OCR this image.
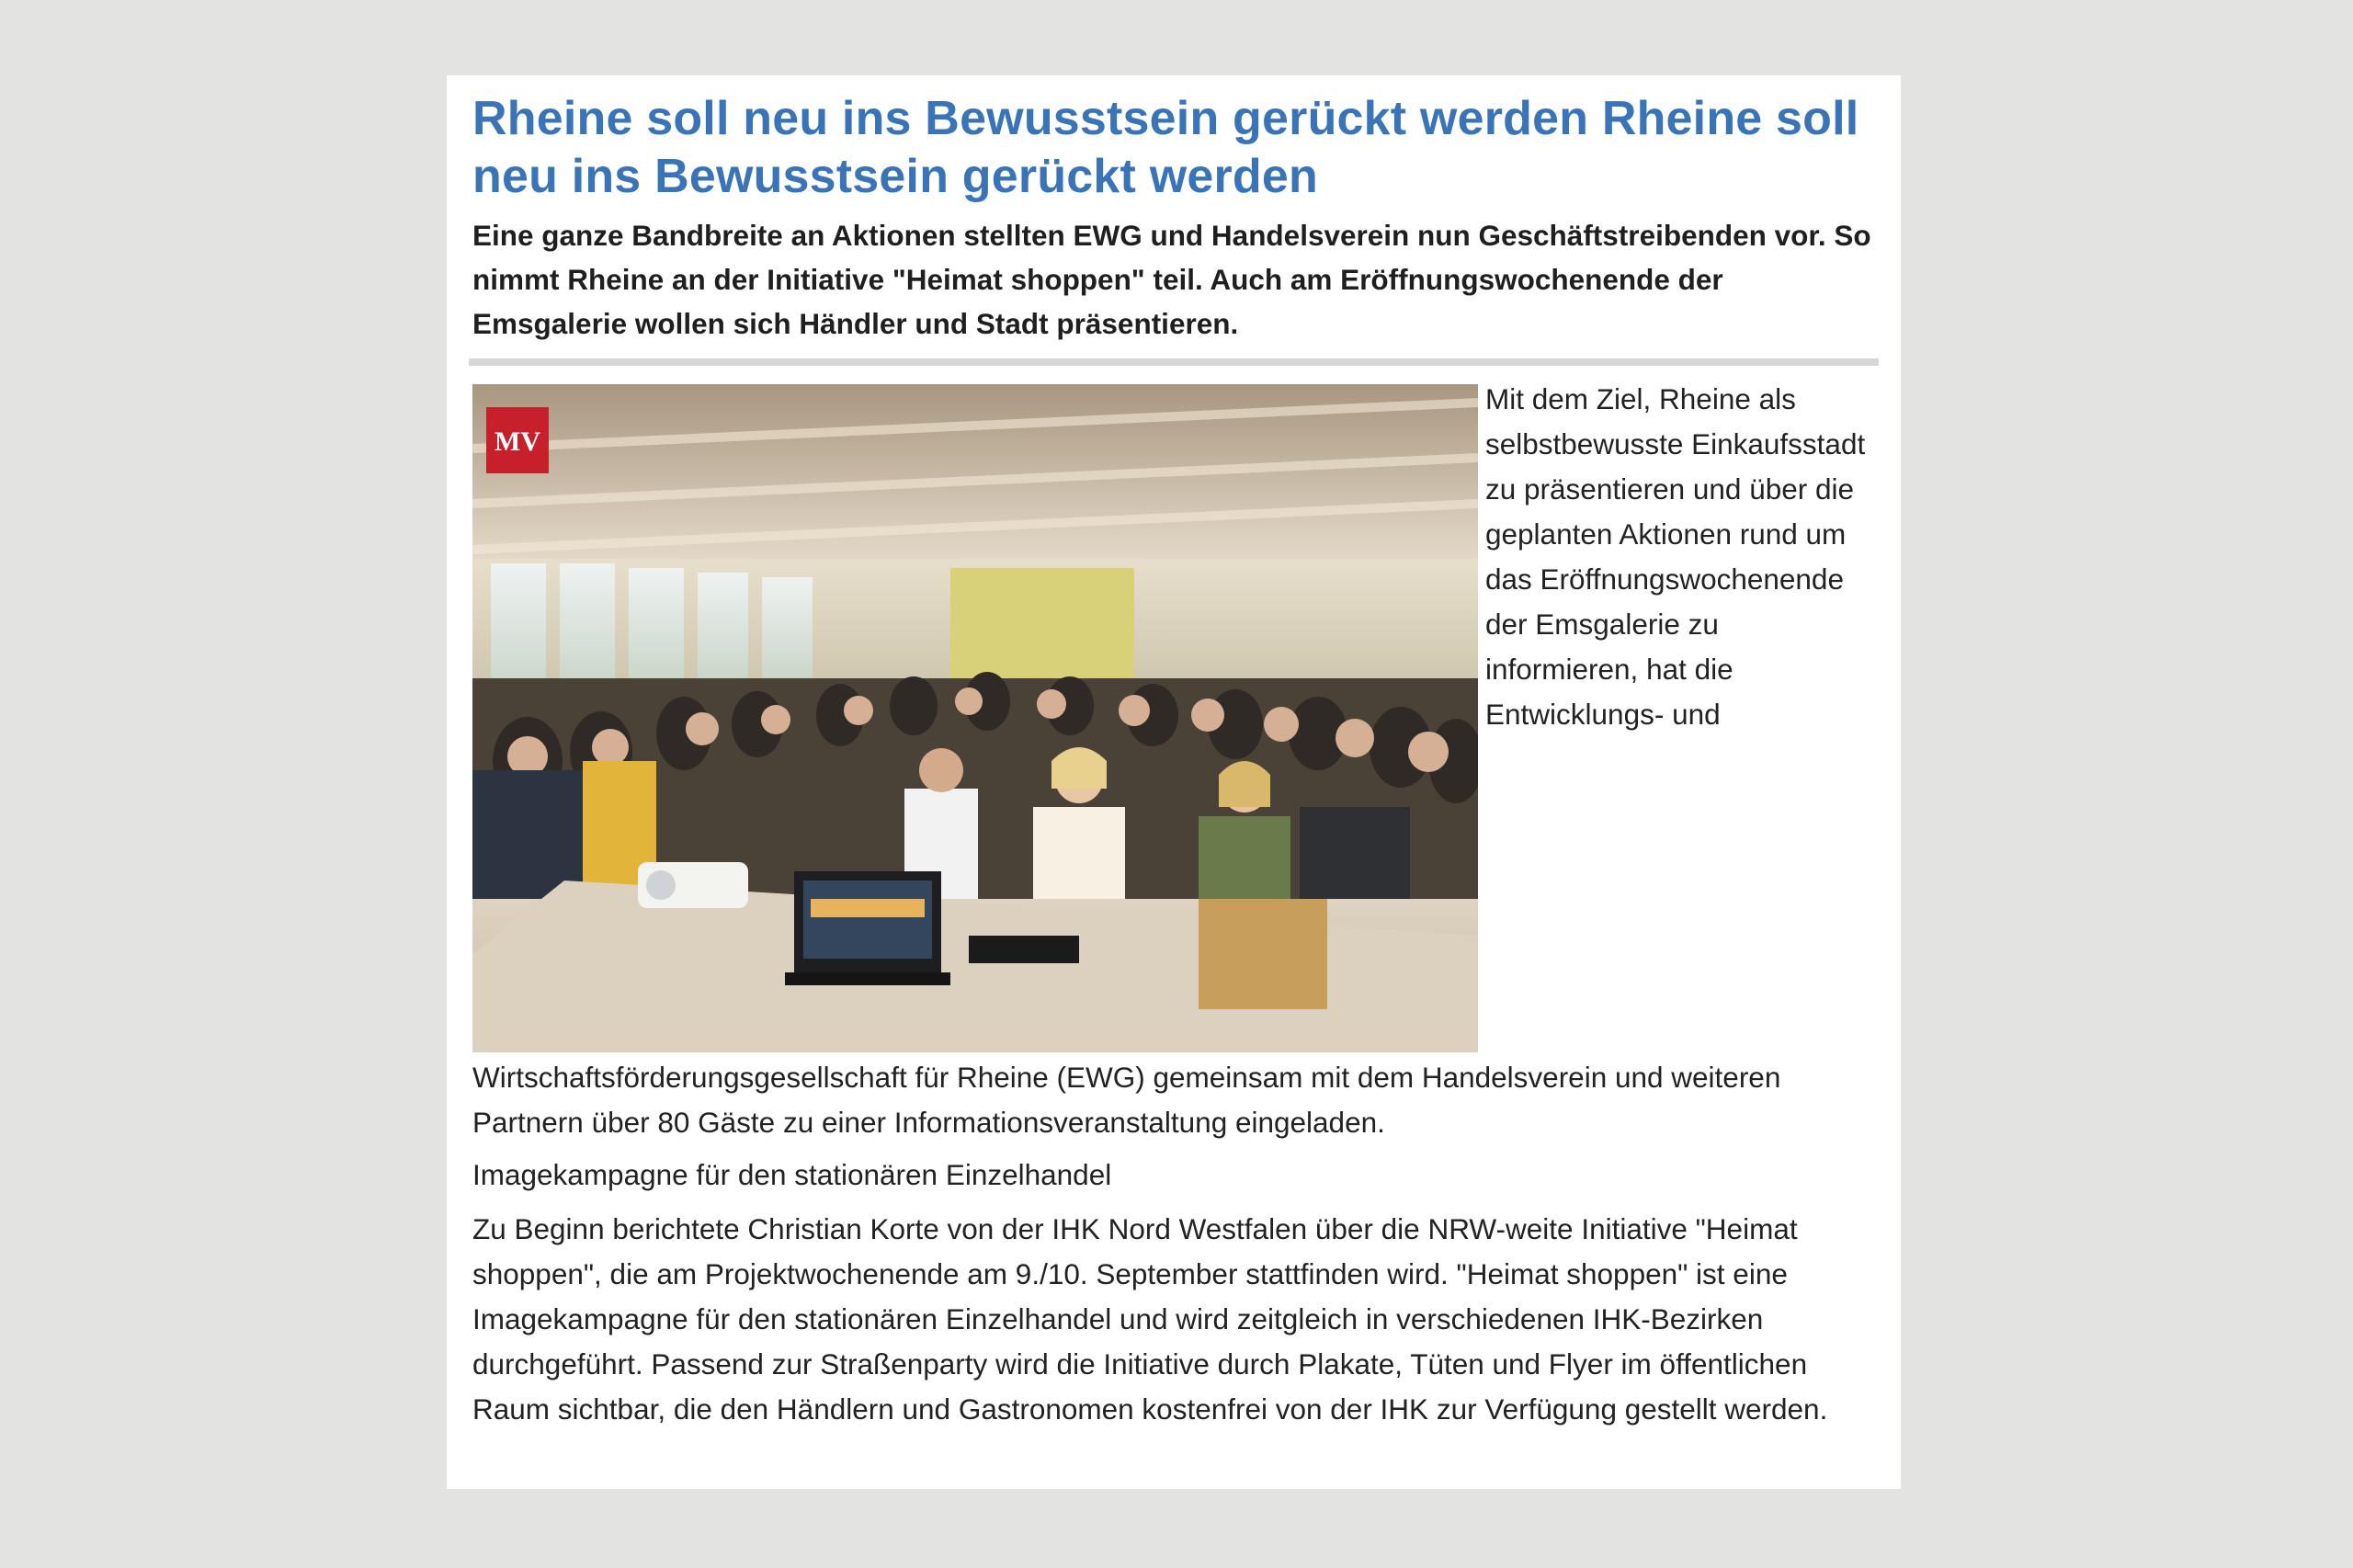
Rheine soll neu ins Bewusstsein gerückt werden Rheine soll neu ins Bewusstsein gerückt werden

Eine ganze Bandbreite an Aktionen stellten EWG und Handelsverein nun Geschäftstreibenden vor. So nimmt Rheine an der Initiative "Heimat shoppen" teil. Auch am Eröffnungswochenende der Emsgalerie wollen sich Händler und Stadt präsentieren.

MV
Mit dem Ziel, Rheine als selbstbewusste Einkaufsstadt zu präsentieren und über die geplanten Aktionen rund um das Eröffnungswochenende der Emsgalerie zu informieren, hat die Entwicklungs- und

Wirtschaftsförderungsgesellschaft für Rheine (EWG) gemeinsam mit dem Handelsverein und weiteren Partnern über 80 Gäste zu einer Informationsveranstaltung eingeladen.

Imagekampagne für den stationären Einzelhandel

Zu Beginn berichtete Christian Korte von der IHK Nord Westfalen über die NRW-weite Initiative "Heimat shoppen", die am Projektwochenende am 9./10. September stattfinden wird. "Heimat shoppen" ist eine Imagekampagne für den stationären Einzelhandel und wird zeitgleich in verschiedenen IHK-Bezirken durchgeführt. Passend zur Straßenparty wird die Initiative durch Plakate, Tüten und Flyer im öffentlichen Raum sichtbar, die den Händlern und Gastronomen kostenfrei von der IHK zur Verfügung gestellt werden.
